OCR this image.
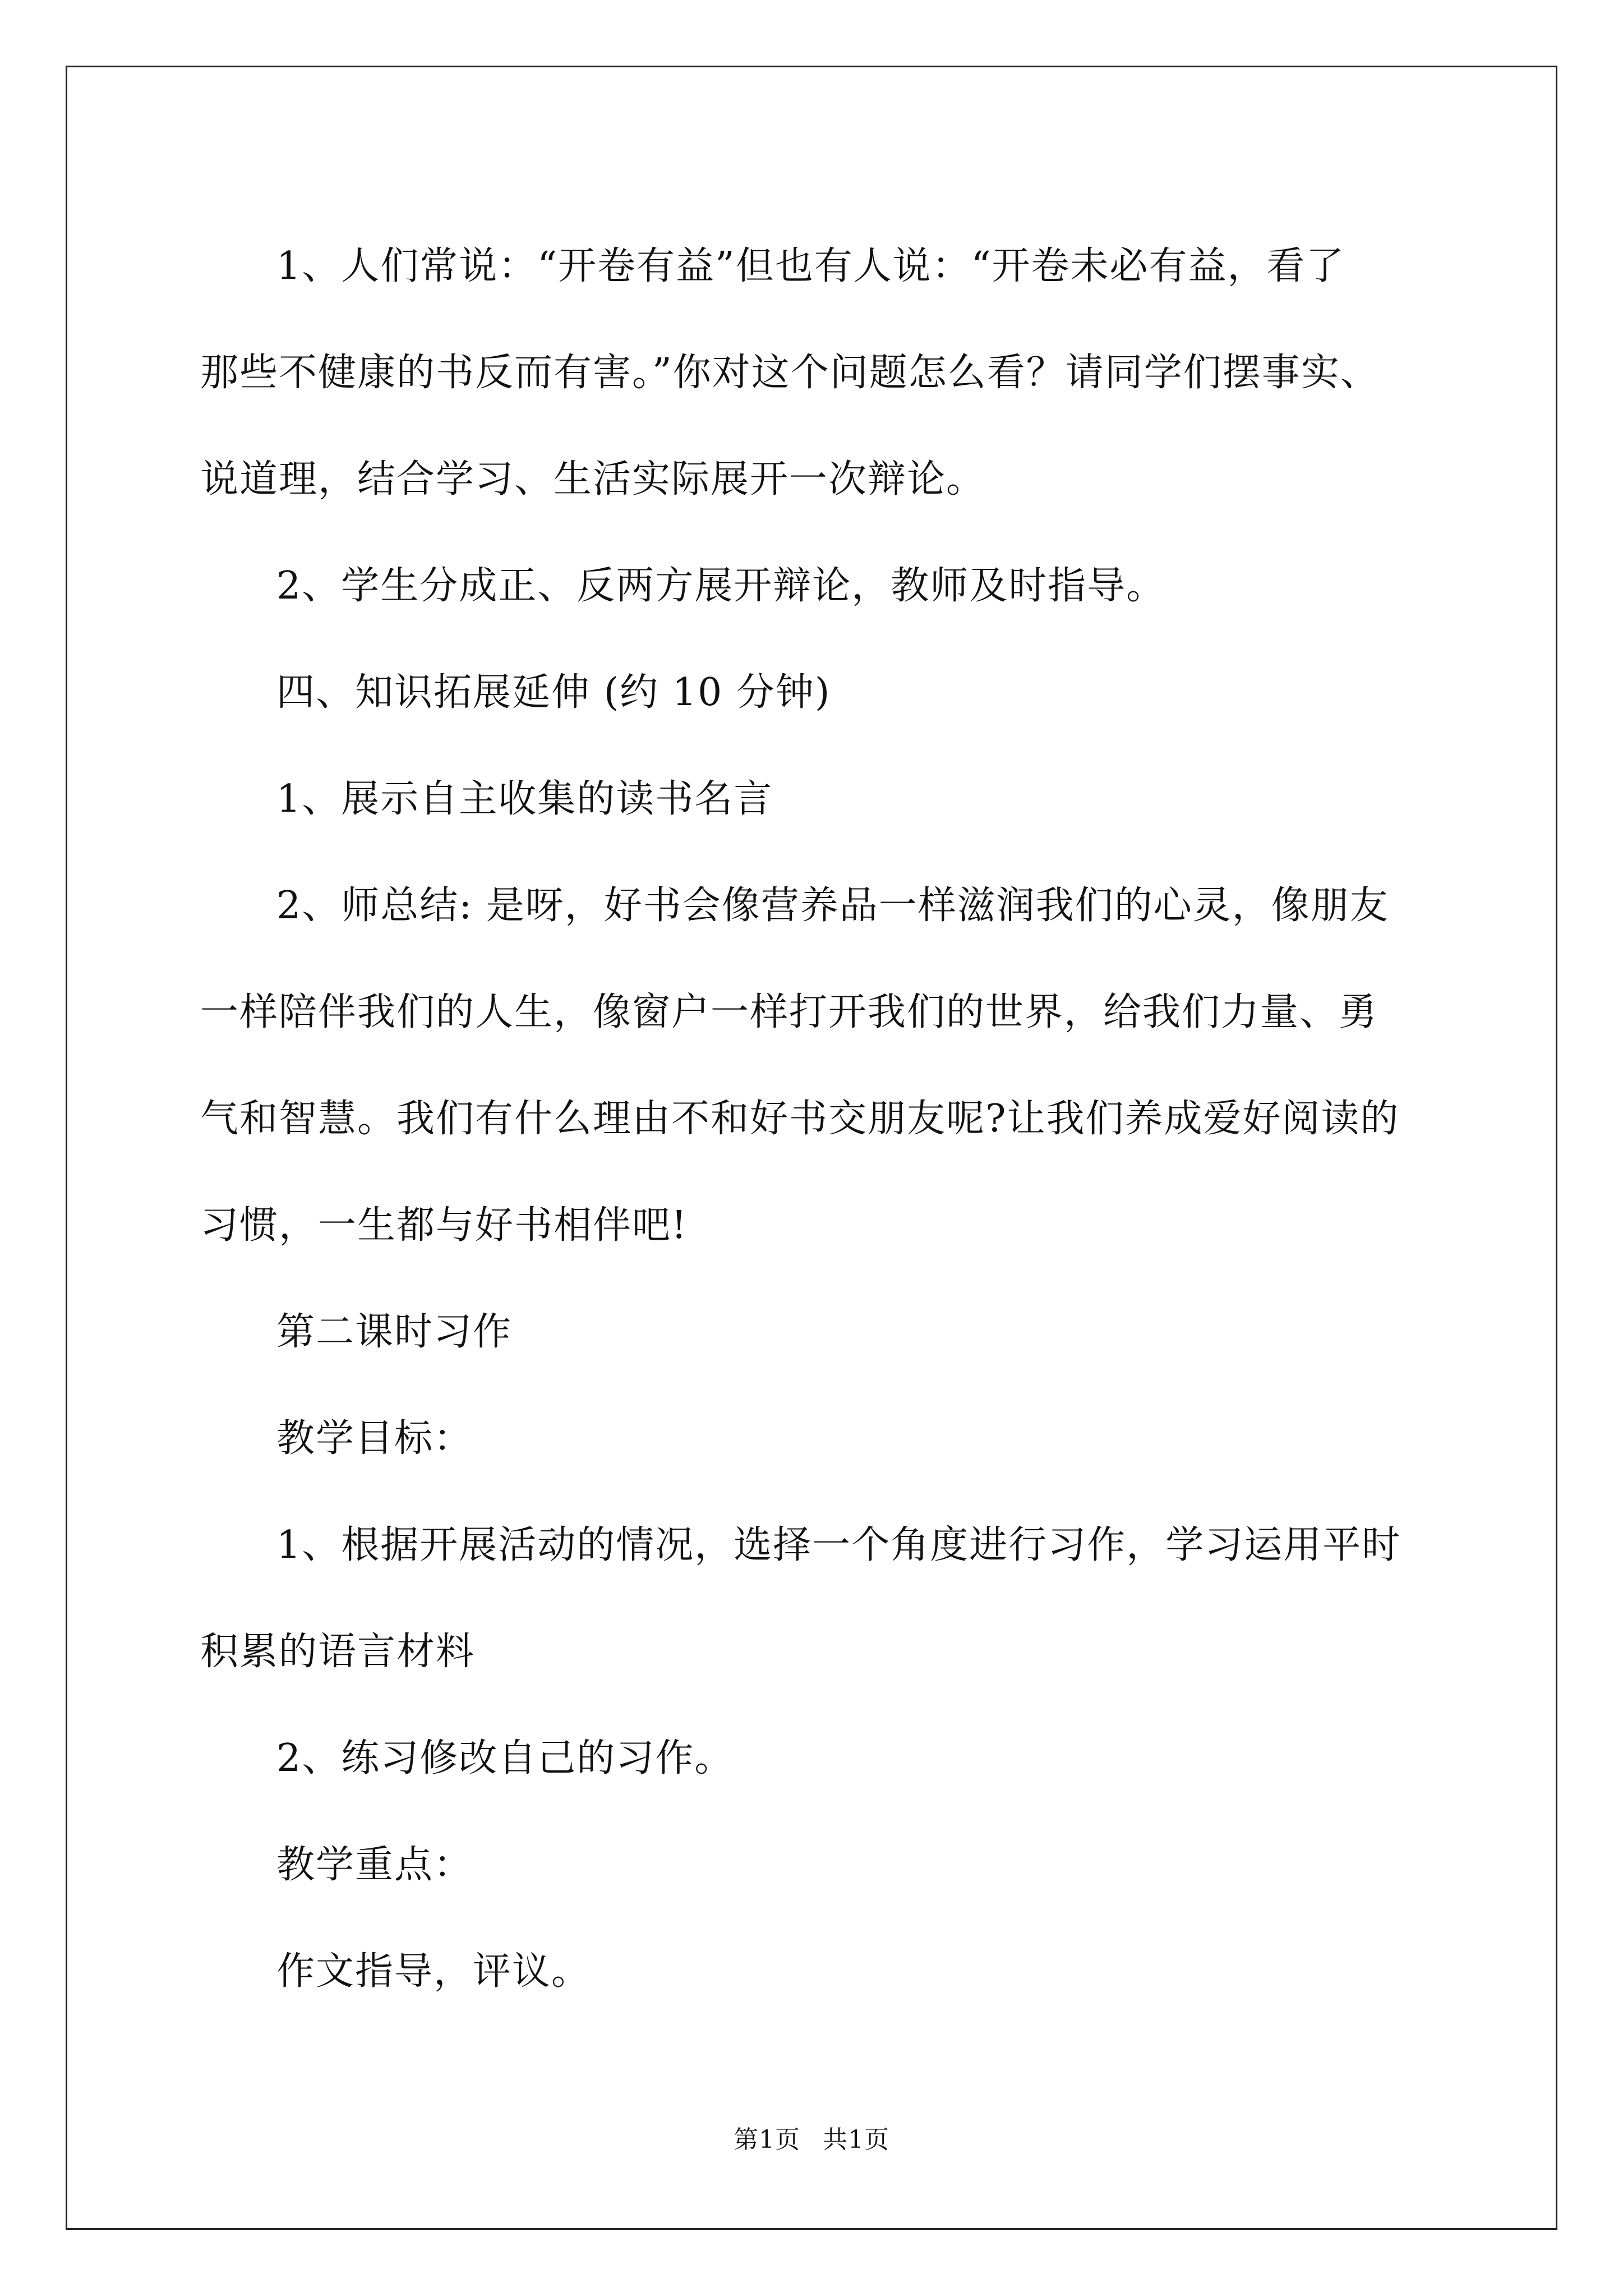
1、人们常说：“开卷有益”但也有人说：“开卷未必有益，看了

那些不健康的书反而有害。”你对这个问题怎么看？请同学们摆事实、

说道理，结合学习、生活实际展开一次辩论。

2、学生分成正、反两方展开辩论，教师及时指导。

四、知识拓展延伸 (约 10 分钟)

1、展示自主收集的读书名言

2、师总结: 是呀，好书会像营养品一样滋润我们的心灵，像朋友

一样陪伴我们的人生，像窗户一样打开我们的世界，给我们力量、勇

气和智慧。我们有什么理由不和好书交朋友呢?让我们养成爱好阅读的

习惯，一生都与好书相伴吧!

第二课时习作

教学目标：

1、根据开展活动的情况，选择一个角度进行习作，学习运用平时

积累的语言材料

2、练习修改自己的习作。

教学重点：

作文指导，评议。

第1页 共1页
